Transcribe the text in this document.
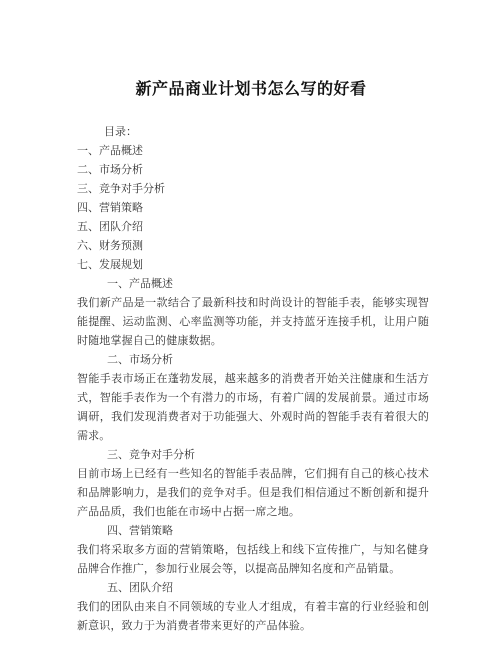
新产品商业计划书怎么写的好看
目录：
一、产品概述
二、市场分析
三、竞争对手分析
四、营销策略
五、团队介绍
六、财务预测
七、发展规划
一、产品概述
我们新产品是一款结合了最新科技和时尚设计的智能手表，能够实现智能提醒、运动监测、心率监测等功能，并支持蓝牙连接手机，让用户随时随地掌握自己的健康数据。
二、市场分析
智能手表市场正在蓬勃发展，越来越多的消费者开始关注健康和生活方式，智能手表作为一个有潜力的市场，有着广阔的发展前景。通过市场调研，我们发现消费者对于功能强大、外观时尚的智能手表有着很大的需求。
三、竞争对手分析
目前市场上已经有一些知名的智能手表品牌，它们拥有自己的核心技术和品牌影响力，是我们的竞争对手。但是我们相信通过不断创新和提升产品品质，我们也能在市场中占据一席之地。
四、营销策略
我们将采取多方面的营销策略，包括线上和线下宣传推广，与知名健身品牌合作推广，参加行业展会等，以提高品牌知名度和产品销量。
五、团队介绍
我们的团队由来自不同领域的专业人才组成，有着丰富的行业经验和创新意识，致力于为消费者带来更好的产品体验。
